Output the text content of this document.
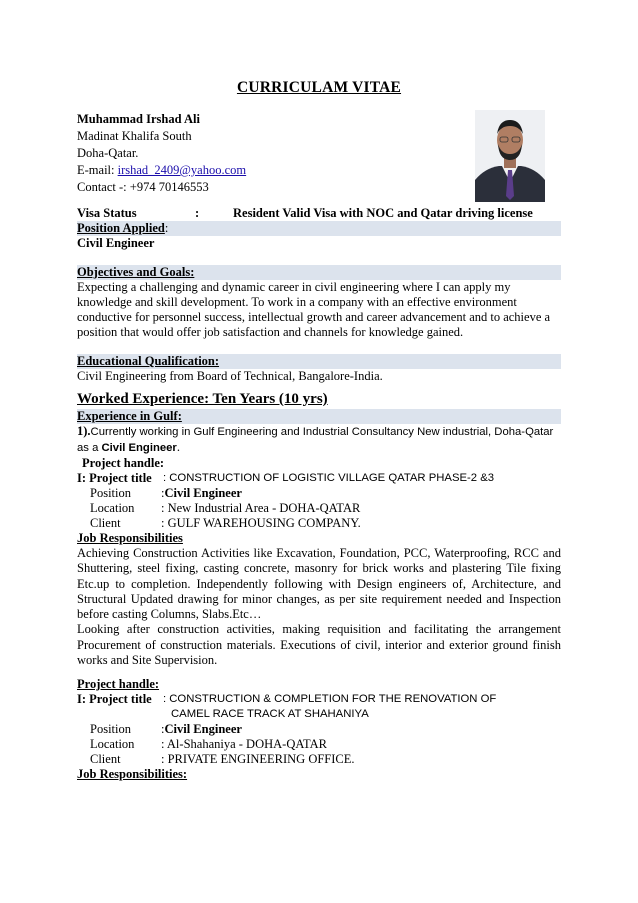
CURRICULAM VITAE
Muhammad Irshad Ali
Madinat Khalifa South
Doha-Qatar.
E-mail: irshad_2409@yahoo.com
Contact -: +974 70146553
Visa Status	:	Resident Valid Visa with NOC and Qatar driving license
Position Applied:
Civil Engineer
Objectives and Goals:
Expecting a challenging and dynamic career in civil engineering where I can apply my knowledge and skill development. To work in a company with an effective environment conductive for personnel success, intellectual growth and career advancement and to achieve a position that would offer job satisfaction and channels for knowledge gained.
Educational Qualification:
Civil Engineering from Board of Technical, Bangalore-India.
Worked Experience: Ten Years (10 yrs)
Experience in Gulf:
1).Currently working in Gulf Engineering and Industrial Consultancy New industrial, Doha-Qatar as a Civil Engineer.
Project handle:
I: Project title : CONSTRUCTION OF LOGISTIC VILLAGE QATAR PHASE-2 &3
Position	: Civil Engineer
Location	: New Industrial Area - DOHA-QATAR
Client	: GULF WAREHOUSING COMPANY.
Job Responsibilities
Achieving Construction Activities like Excavation, Foundation, PCC, Waterproofing, RCC and Shuttering, steel fixing, casting concrete, masonry for brick works and plastering Tile fixing Etc.up to completion. Independently following with Design engineers of, Architecture, and Structural Updated drawing for minor changes, as per site requirement needed and Inspection before casting Columns, Slabs.Etc…
Looking after construction activities, making requisition and facilitating the arrangement Procurement of construction materials. Executions of civil, interior and exterior ground finish works and Site Supervision.
Project handle:
I: Project title : CONSTRUCTION & COMPLETION FOR THE RENOVATION OF
CAMEL RACE TRACK AT SHAHANIYA
Position	: Civil Engineer
Location	: Al-Shahaniya - DOHA-QATAR
Client	: PRIVATE ENGINEERING OFFICE.
Job Responsibilities:
